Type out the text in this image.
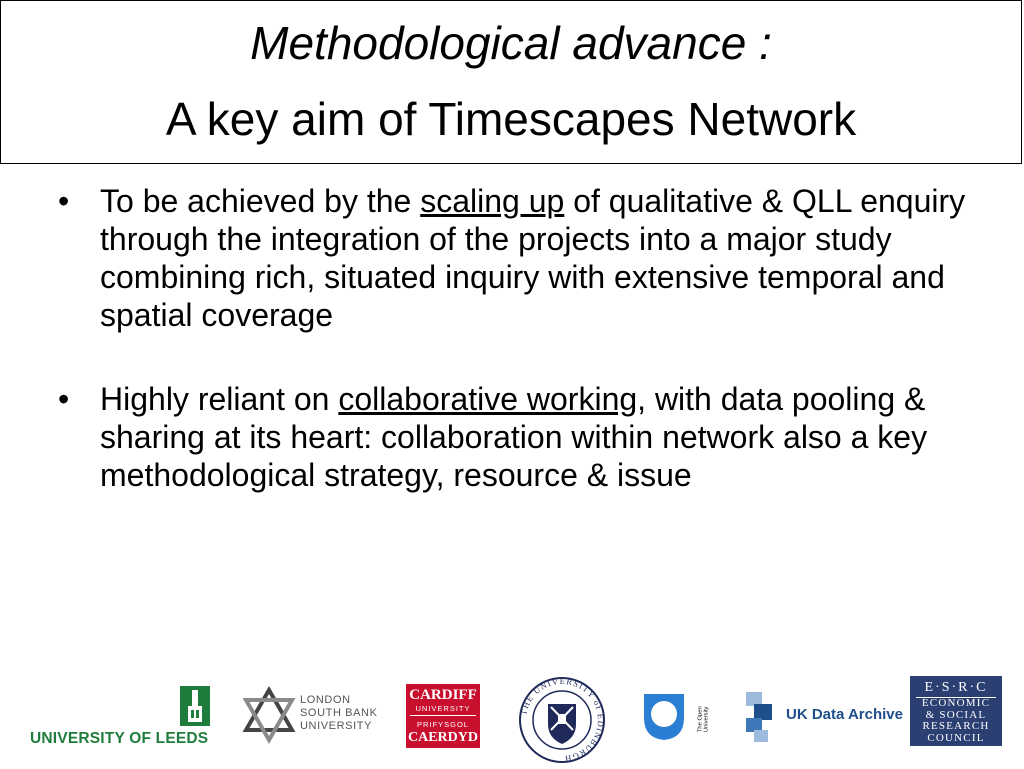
Methodological advance :
A key aim of Timescapes Network
• To be achieved by the scaling up of qualitative & QLL enquiry through the integration of the projects into a major study combining rich, situated inquiry with extensive temporal and spatial coverage
• Highly reliant on collaborative working, with data pooling & sharing at its heart: collaboration within network also a key methodological strategy, resource & issue
UNIVERSITY OF LEEDS
LONDON
SOUTH BANK
UNIVERSITY
CARDIFF
UNIVERSITY
PRIFYSGOL
CAERDYD
THE UNIVERSITY of EDINBURGH
The Open University	UK Data Archive
E·S·R·C
ECONOMIC
& SOCIAL
RESEARCH
COUNCIL
